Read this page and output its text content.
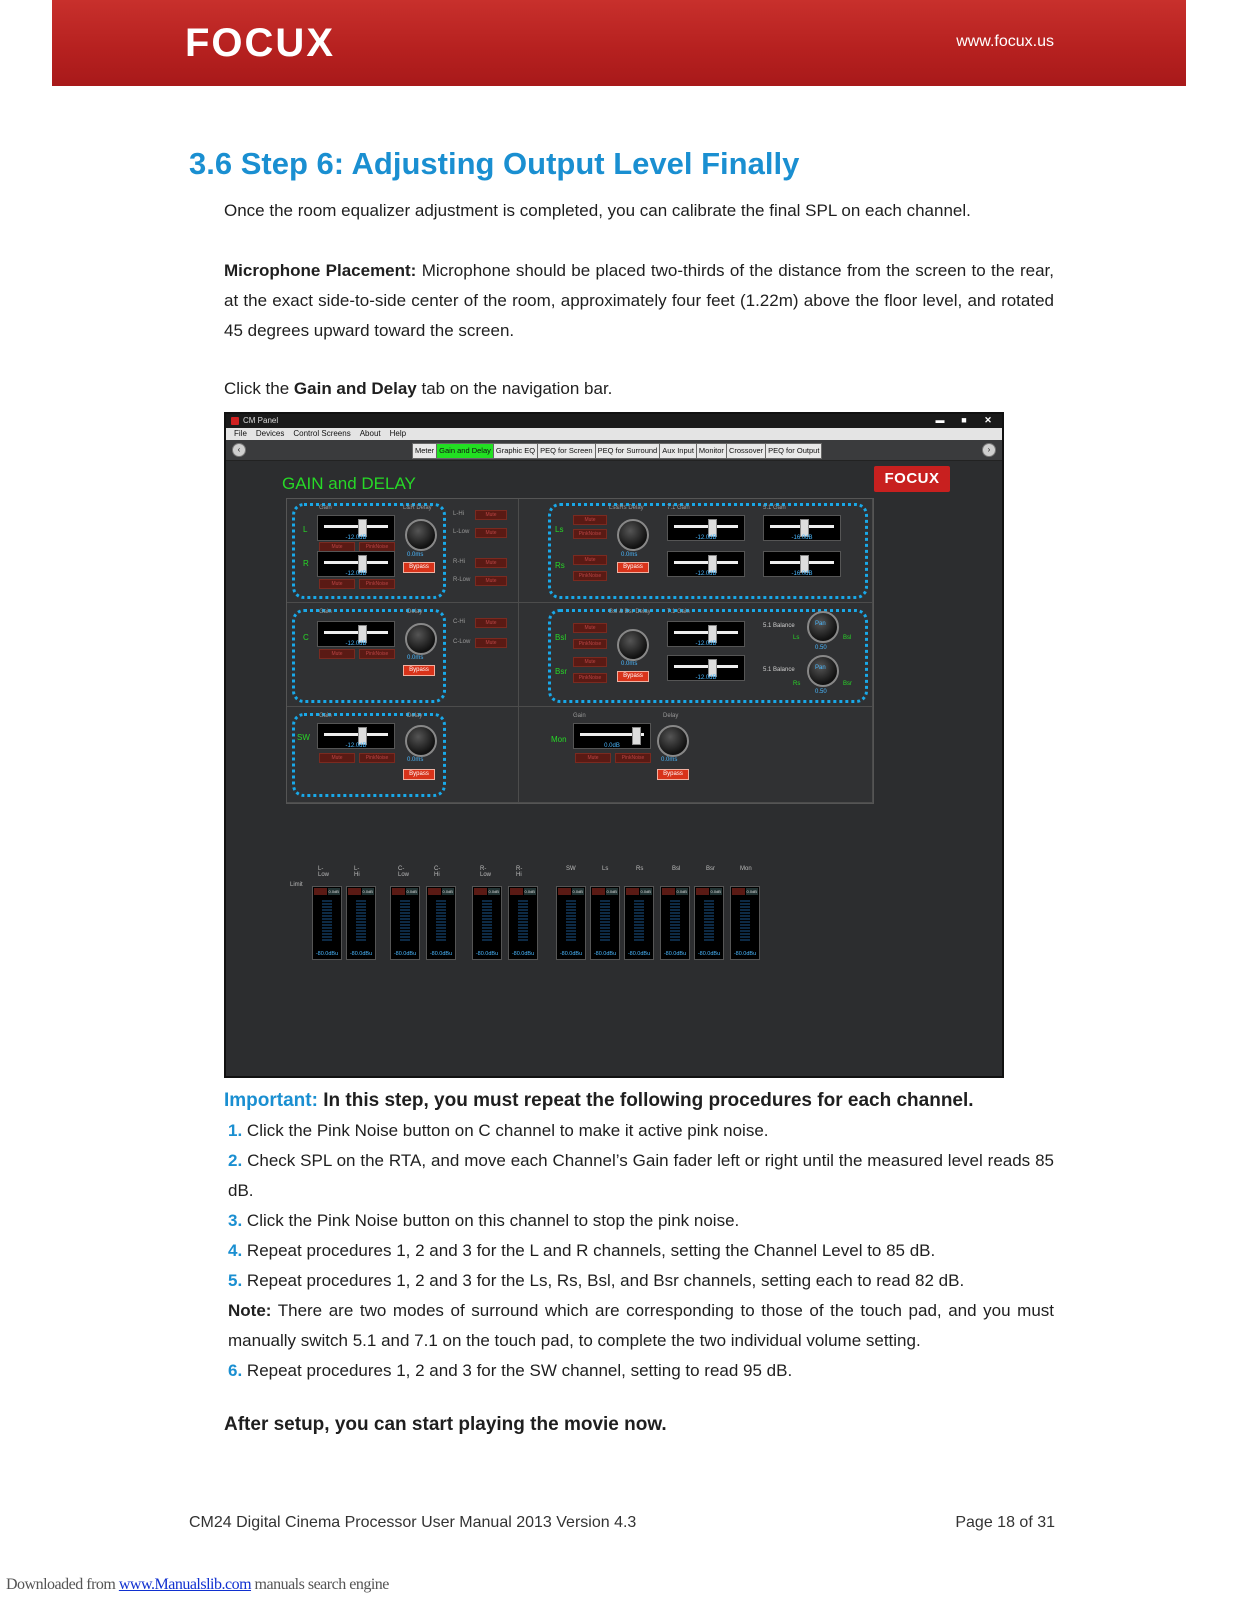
FOCUX	www.focux.us
3.6 Step 6: Adjusting Output Level Finally

Once the room equalizer adjustment is completed, you can calibrate the final SPL on each channel.

Microphone Placement: Microphone should be placed two-thirds of the distance from the screen to the rear, at the exact side-to-side center of the room, approximately four feet (1.22m) above the floor level, and rotated 45 degrees upward toward the screen.

Click the Gain and Delay tab on the navigation bar.

CM Panel	▬	■	✕
File Devices Control Screens About Help
‹	Meter Gain and Delay Graphic EQ PEQ for Screen PEQ for Surround Aux Input Monitor Crossover PEQ for Output	›
GAIN and DELAY	FOCUX
Gain	L&R Delay
L
-12.0dB
Mute	PinkNoise
0.0ms
Bypass
R
-12.0dB
Mute	PinkNoise
L-Hi	Mute
L-Low	Mute
R-Hi	Mute
R-Low	Mute
Ls&Rs Delay	7.1 Gain	5.1 Gain
Ls
Mute
PinkNoise
0.0ms
Bypass
-12.0dB	-16.0dB
Rs
Mute
PinkNoise	-12.0dB	-16.0dB
Gain	Delay
C
-12.0dB
Mute	PinkNoise
0.0ms
Bypass
C-Hi	Mute
C-Low	Mute
Bsl & Bsr Delay	7.1 Gain
Bsl
Mute
PinkNoise
0.0ms
Bypass
-12.0dB
Bsr
Mute
PinkNoise	-12.0dB
5.1 Balance
Ls	Bsl
Pan
0.50
5.1 Balance
Rs	Bsr
Pan
0.50
Gain	Delay
SW
-12.0dB
Mute	PinkNoise	0.0ms
Bypass
Gain	Delay
Mon
0.0dB
Mute	PinkNoise	0.0ms
Bypass
Limit
L-Low
L-Hi
C-Low
C-Hi
R-Low
R-Hi
SW	Ls	Rs	Bsl	Bsr	Mon
0.0dB
-80.0dBu
0.0dB
-80.0dBu
0.0dB
-80.0dBu
0.0dB
-80.0dBu
0.0dB
-80.0dBu
0.0dB
-80.0dBu
0.0dB
-80.0dBu
0.0dB
-80.0dBu
0.0dB
-80.0dBu
0.0dB
-80.0dBu
0.0dB
-80.0dBu
0.0dB
-80.0dBu

Important: In this step, you must repeat the following procedures for each channel.

1. Click the Pink Noise button on C channel to make it active pink noise.
2. Check SPL on the RTA, and move each Channel’s Gain fader left or right until the measured level reads 85 dB.
3. Click the Pink Noise button on this channel to stop the pink noise.
4. Repeat procedures 1, 2 and 3 for the L and R channels, setting the Channel Level to 85 dB.
5. Repeat procedures 1, 2 and 3 for the Ls, Rs, Bsl, and Bsr channels, setting each to read 82 dB.
Note: There are two modes of surround which are corresponding to those of the touch pad, and you must manually switch 5.1 and 7.1 on the touch pad, to complete the two individual volume setting.
6. Repeat procedures 1, 2 and 3 for the SW channel, setting to read 95 dB.

After setup, you can start playing the movie now.

CM24 Digital Cinema Processor User Manual 2013 Version 4.3	Page 18 of 31
Downloaded from www.Manualslib.com manuals search engine
